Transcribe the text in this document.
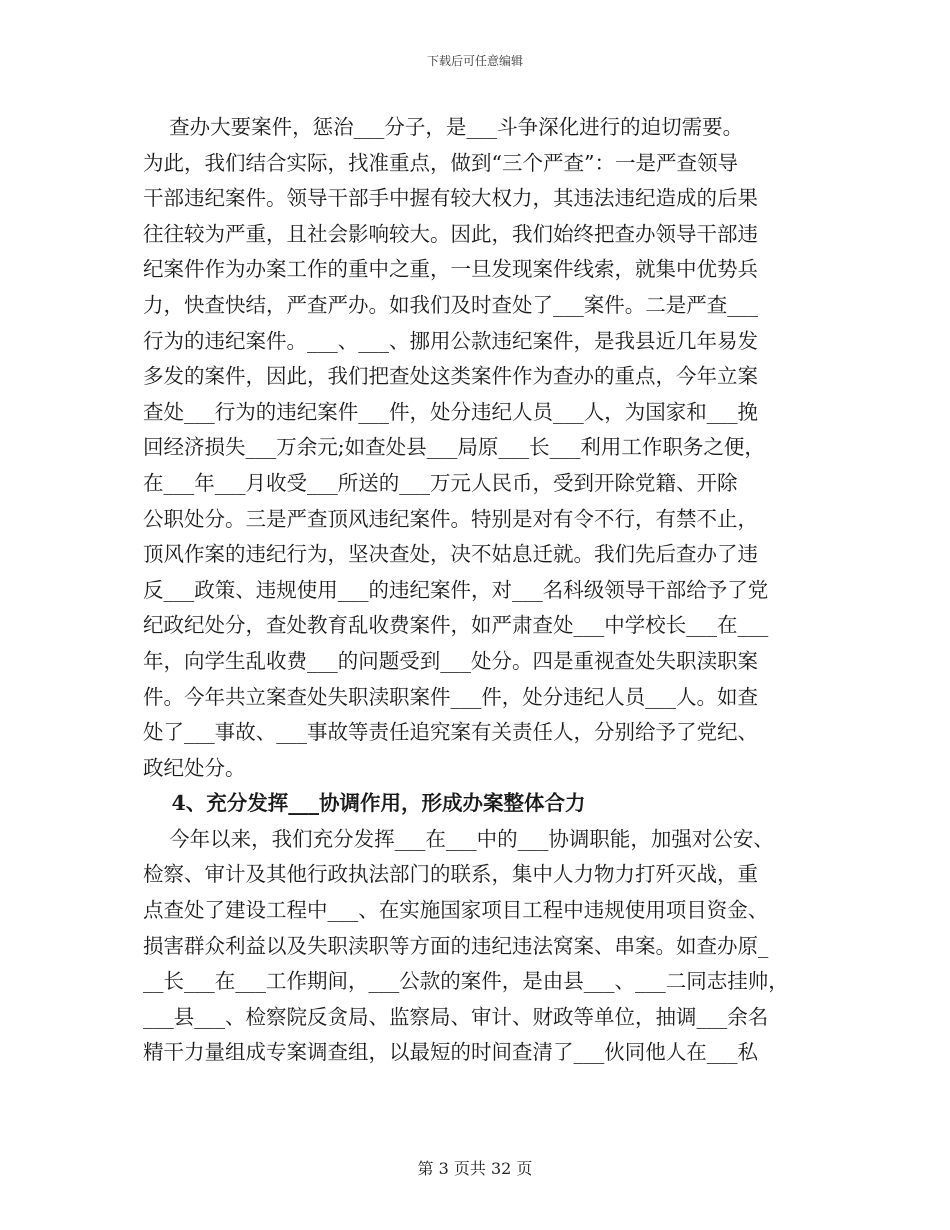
下载后可任意编辑
查办大要案件，惩治___分子，是___斗争深化进行的迫切需要。
为此，我们结合实际，找准重点，做到“三个严查”：一是严查领导
干部违纪案件。领导干部手中握有较大权力，其违法违纪造成的后果
往往较为严重，且社会影响较大。因此，我们始终把查办领导干部违
纪案件作为办案工作的重中之重，一旦发现案件线索，就集中优势兵
力，快查快结，严查严办。如我们及时查处了___案件。二是严查___
行为的违纪案件。___、___、挪用公款违纪案件，是我县近几年易发
多发的案件，因此，我们把查处这类案件作为查办的重点，今年立案
查处___行为的违纪案件___件，处分违纪人员___人，为国家和___挽
回经济损失___万余元;如查处县___局原___长___利用工作职务之便，
在___年___月收受___所送的___万元人民币，受到开除党籍、开除
公职处分。三是严查顶风违纪案件。特别是对有令不行，有禁不止，
顶风作案的违纪行为，坚决查处，决不姑息迁就。我们先后查办了违
反___政策、违规使用___的违纪案件，对___名科级领导干部给予了党
纪政纪处分，查处教育乱收费案件，如严肃查处___中学校长___在___
年，向学生乱收费___的问题受到___处分。四是重视查处失职渎职案
件。今年共立案查处失职渎职案件___件，处分违纪人员___人。如查
处了___事故、___事故等责任追究案有关责任人，分别给予了党纪、
政纪处分。
4、充分发挥___协调作用，形成办案整体合力
今年以来，我们充分发挥___在___中的___协调职能，加强对公安、
检察、审计及其他行政执法部门的联系，集中人力物力打歼灭战，重
点查处了建设工程中___、在实施国家项目工程中违规使用项目资金、
损害群众利益以及失职渎职等方面的违纪违法窝案、串案。如查办原_
__长___在___工作期间，___公款的案件，是由县___、___二同志挂帅，
___县___、检察院反贪局、监察局、审计、财政等单位，抽调___余名
精干力量组成专案调查组，以最短的时间查清了___伙同他人在___私
第 3 页共 32 页
